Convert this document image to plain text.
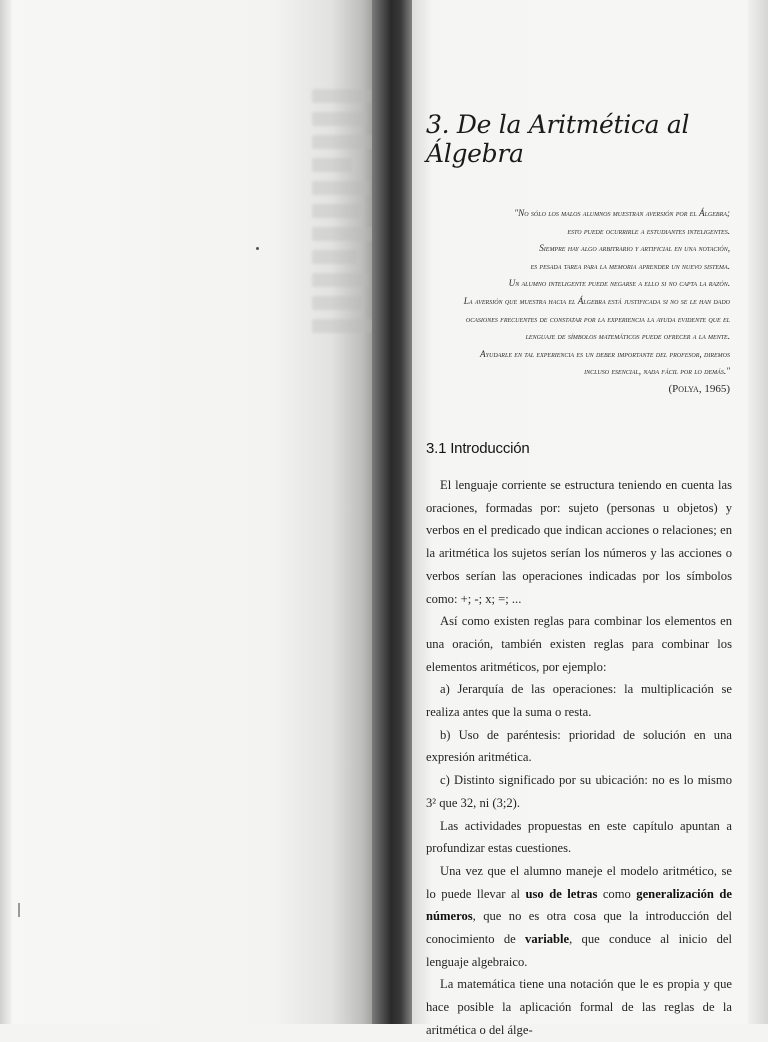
3. De la Aritmética al Álgebra
"No sólo los malos alumnos muestran aversión por el Álgebra;
esto puede ocurrirle a estudiantes inteligentes.
Siempre hay algo arbitrario y artificial en una notación,
es pesada tarea para la memoria aprender un nuevo sistema.
Un alumno inteligente puede negarse a ello si no capta la razón.
La aversión que muestra hacia el Álgebra está justificada si no se le han dado
ocasiones frecuentes de constatar por la experiencia la ayuda evidente que el
lenguaje de símbolos matemáticos puede ofrecer a la mente.
Ayudarle en tal experiencia es un deber importante del profesor, diremos
incluso esencial, nada fácil por lo demás."
(Polya, 1965)
3.1 Introducción

El lenguaje corriente se estructura teniendo en cuenta las oraciones, formadas por: sujeto (personas u objetos) y verbos en el predicado que indican acciones o relaciones; en la aritmética los sujetos serían los números y las acciones o verbos serían las operaciones indicadas por los símbolos como: +; -; x; =; ...

Así como existen reglas para combinar los elementos en una oración, también existen reglas para combinar los elementos aritméticos, por ejemplo:

a) Jerarquía de las operaciones: la multiplicación se realiza antes que la suma o resta.

b) Uso de paréntesis: prioridad de solución en una expresión aritmética.

c) Distinto significado por su ubicación: no es lo mismo 3² que 32, ni (3;2).

Las actividades propuestas en este capítulo apuntan a profundizar estas cuestiones.

Una vez que el alumno maneje el modelo aritmético, se lo puede llevar al uso de letras como generalización de números, que no es otra cosa que la introducción del conocimiento de variable, que conduce al inicio del lenguaje algebraico.

La matemática tiene una notación que le es propia y que hace posible la aplicación formal de las reglas de la aritmética o del álge-
